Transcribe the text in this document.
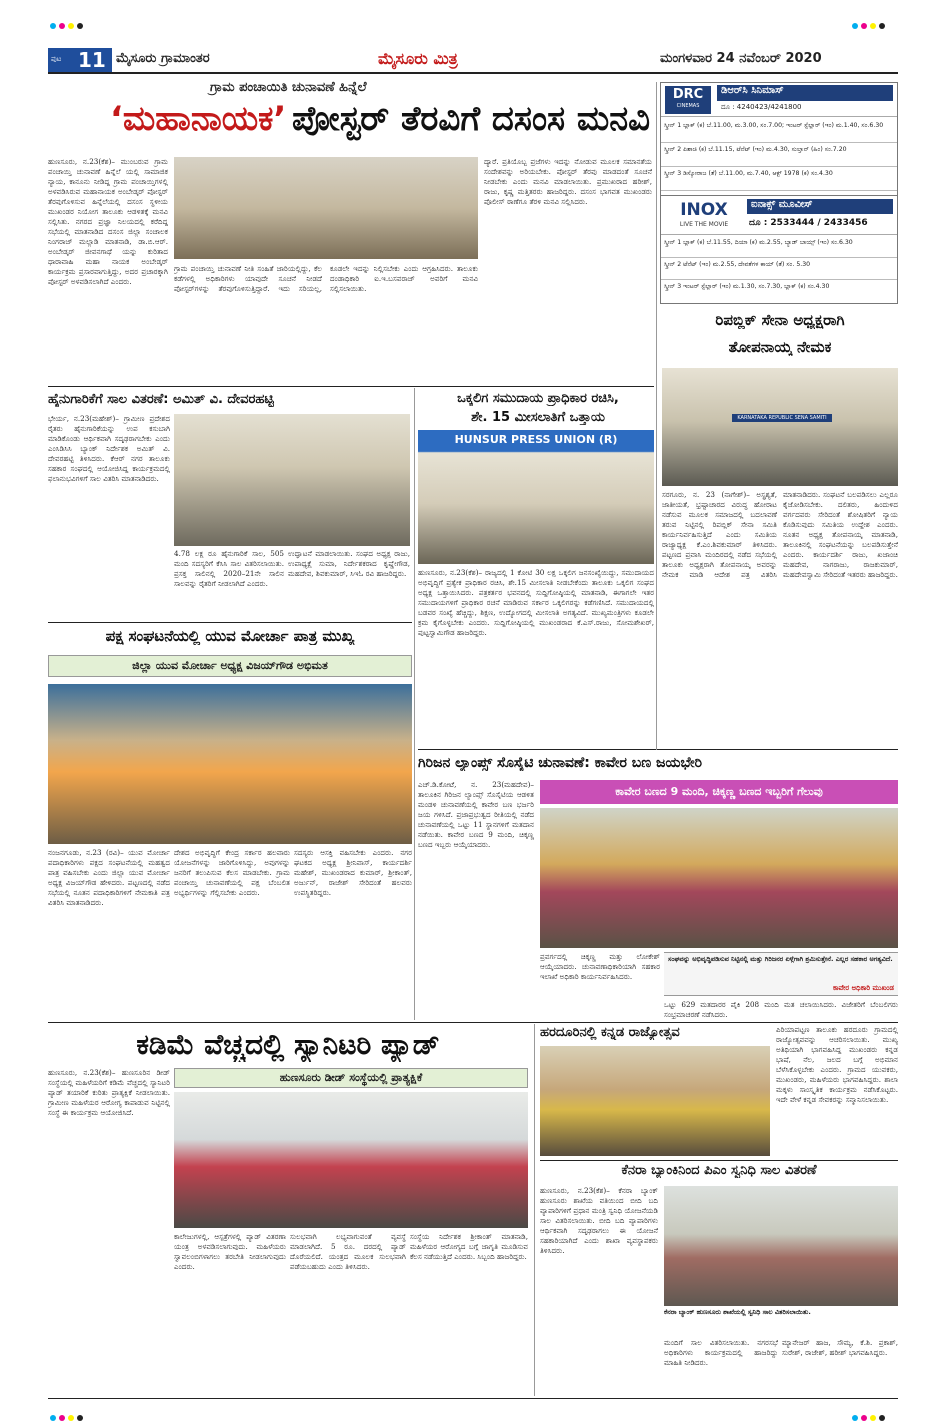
ಪುಟ 11 ಮೈಸೂರು ಗ್ರಾಮಾಂತರ	ಮೈಸೂರು ಮಿತ್ರ	ಮಂಗಳವಾರ 24 ನವೆಂಬರ್ 2020
ಗ್ರಾಮ ಪಂಚಾಯಿತಿ ಚುನಾವಣೆ ಹಿನ್ನೆಲೆ
‘ಮಹಾನಾಯಕ’ ಪೋಸ್ಟರ್ ತೆರವಿಗೆ ದಸಂಸ ಮನವಿ
ಹುಣಸೂರು, ನ.23(ಕೆಶ)– ಮುಂಬರುವ ಗ್ರಾಮ ಪಂಚಾಯ್ತಿ ಚುನಾವಣೆ ಹಿನ್ನೆಲೆ ಯಲ್ಲಿ ಸಾಮಾಜಿಕ ನ್ಯಾಯ, ಕಾನೂನು ನೀಡಿದ್ದ ಗ್ರಾಮ ಪಂಚಾಯ್ತಿಗಳಲ್ಲಿ ಅಳವಡಿಸಿರುವ ಮಹಾನಾಯಕ ಅಂಬೇಡ್ಕರ್ ಪೋಸ್ಟರ್ ತೆರವುಗೊಳಿಸುವ ಹಿನ್ನೆಲೆಯಲ್ಲಿ ದಸಂಸ ಸ್ಥಳೀಯ ಮುಖಂಡರ ನಿಯೋಗ ತಾಲೂಕು ಆಡಳಿತಕ್ಕೆ ಮನವಿ ಸಲ್ಲಿಸಿತು. ನಗರದ ಪ್ರಜ್ಞಾ ನಿಲಯದಲ್ಲಿ ಕರೆದಿದ್ದ ಸಭೆಯಲ್ಲಿ ಮಾತನಾಡಿದ ದಸಂಸ ಜಿಲ್ಲಾ ಸಂಚಾಲಕ ನಿಂಗರಾಜ್ ಮಲ್ಲಾಡಿ ಮಾತನಾಡಿ, ಡಾ.ಬಿ.ಆರ್. ಅಂಬೇಡ್ಕರ್ ಜೀವನಗಾಥೆ ಯನ್ನು ಕುರಿತಾದ ಧಾರಾವಾಹಿ ಮಹಾ ನಾಯಕ ಅಂಬೇಡ್ಕರ್ ಕಾರ್ಯಕ್ರಮ ಪ್ರಸಾರವಾಗುತ್ತಿದ್ದು, ಅದರ ಪ್ರಚಾರಕ್ಕಾಗಿ ಪೋಸ್ಟರ್ ಅಳವಡಿಸಲಾಗಿದೆ ಎಂದರು.
ಗ್ರಾಮ ಪಂಚಾಯ್ತಿ ಚುನಾವಣೆ ನೀತಿ ಸಂಹಿತೆ ಜಾರಿಯಲ್ಲಿದ್ದು, ಕೆಲ ಕಡೆಗಳಲ್ಲಿ ಅಧಿಕಾರಿಗಳು ಯಾವುದೇ ಸೂಚನೆ ನೀಡದೆ ಪೋಸ್ಟರ್‌ಗಳನ್ನು ತೆರವುಗೊಳಿಸುತ್ತಿದ್ದಾರೆ. ಇದು ಸರಿಯಲ್ಲ, ಕೂಡಲೇ ಇದನ್ನು ನಿಲ್ಲಿಸಬೇಕು ಎಂದು ಆಗ್ರಹಿಸಿದರು. ತಾಲೂಕು ದಂಡಾಧಿಕಾರಿ ಐ.ಇ.ಬಸವರಾಜ್ ಅವರಿಗೆ ಮನವಿ ಸಲ್ಲಿಸಲಾಯಿತು.
ದ್ಯಾರೆ. ಪ್ರತಿಯೊಬ್ಬ ಪ್ರಜೆಗಳು ಇದನ್ನು ನೋಡುವ ಮೂಲಕ ಸಮಾನತೆಯ ಸಂದೇಶವನ್ನು ಅರಿಯಬೇಕು. ಪೋಸ್ಟರ್ ತೆರವು ಮಾಡದಂತೆ ಸೂಚನೆ ನೀಡಬೇಕು ಎಂದು ಮನವಿ ಮಾಡಲಾಯಿತು. ಪ್ರಮುಖರಾದ ಹರೀಶ್, ರಾಜು, ಕೃಷ್ಣ ಮತ್ತಿತರರು ಹಾಜರಿದ್ದರು. ದಸಂಸ ಭಾಗವತ ಮುಖಂಡರು ಪೊಲೀಸ್ ಠಾಣೆಗೂ ತೆರಳಿ ಮನವಿ ಸಲ್ಲಿಸಿದರು.
DRC
CINEMAS
ಡಿಆರ್‌ಸಿ ಸಿನಿಮಾಸ್
ದೂ : 4240423/4241800
ಸ್ಕ್ರೀನ್ 1 ಬ್ಲಾಕ್ (ಕ) ಬೆ.11.00, ಮ.3.00, ಸಂ.7.00; ಇಂಟರ್ ಸ್ಟೆಲ್ಲಾರ್ (ಇಂ) ಮ.1.40, ಸಂ.6.30
ಸ್ಕ್ರೀನ್ 2 ಪಿಶಾಚಿ (ಕ) ಬೆ.11.15, ಟೆನೆಟ್ (ಇಂ) ಮ.4.30, ಸುಲ್ತಾನ್ (ಹಿಂ) ಸಂ.7.20
ಸ್ಕ್ರೀನ್ 3 ಡಿಸ್ಕೋರಾಜ (ತೆ) ಬೆ.11.00, ಮ.7.40, ಆಕ್ಟ್ 1978 (ಕ) ಸಂ.4.30
INOX
LIVE THE MOVIE
ಐನಾಕ್ಸ್ ಮೂವೀಸ್
ದೂ : 2533444 / 2433456
ಸ್ಕ್ರೀನ್ 1 ಬ್ಲಾಕ್ (ಕ) ಬೆ.11.55, ದಿಯಾ (ಕ) ಮ.2.55, ಬ್ಯಾಡ್ ಬಾಯ್ಸ್ (ಇಂ) ಸಂ.6.30
ಸ್ಕ್ರೀನ್ 2 ಟೆನೆಟ್ (ಇಂ) ಮ.2.55, ದೇವತೆಗಳ ಕಾಯ್ (ತೆ) ಸಂ. 5.30
ಸ್ಕ್ರೀನ್ 3 ಇಂಟರ್ ಸ್ಟೆಲ್ಲಾರ್ (ಇಂ) ಮ.1.30, ಸಂ.7.30, ಬ್ಲಾಕ್ (ಕ) ಸಂ.4.30
ರಿಪಬ್ಲಿಕ್ ಸೇನಾ ಅಧ್ಯಕ್ಷರಾಗಿ
ತೋಪನಾಯ್ಕ ನೇಮಕ
KARNATAKA REPUBLIC SENA SAMITI
ಸರಗೂರು, ನ. 23 (ನಾಗೇಶ್)– ಅಸ್ಪ್ರಶ್ಯತೆ, ಜಾತೀಯತೆ, ಭ್ರಷ್ಟಾಚಾರದ ವಿರುದ್ಧ ಹೋರಾಟ ನಡೆಸುವ ಮೂಲಕ ಸಮಾಜದಲ್ಲಿ ಬದಲಾವಣೆ ತರುವ ನಿಟ್ಟಿನಲ್ಲಿ ರಿಪಬ್ಲಿಕ್ ಸೇನಾ ಸಮಿತಿ ಕಾರ್ಯನಿರ್ವಹಿಸುತ್ತಿದೆ ಎಂದು ಸಮಿತಿಯ ರಾಜ್ಯಾಧ್ಯಕ್ಷ ಕೆ.ಎಂ.ಶಿವಕುಮಾರ್ ತಿಳಿಸಿದರು. ಪಟ್ಟಣದ ಪ್ರವಾಸಿ ಮಂದಿರದಲ್ಲಿ ನಡೆದ ಸಭೆಯಲ್ಲಿ ತಾಲೂಕು ಅಧ್ಯಕ್ಷರಾಗಿ ತೋಪನಾಯ್ಕ ಅವರನ್ನು ನೇಮಕ ಮಾಡಿ ಆದೇಶ ಪತ್ರ ವಿತರಿಸಿ ಮಾತನಾಡಿದರು. ಸಂಘಟನೆ ಬಲಪಡಿಸಲು ಎಲ್ಲರೂ ಕೈಜೋಡಿಸಬೇಕು. ದಲಿತರು, ಹಿಂದುಳಿದ ವರ್ಗದವರು ಸೇರಿದಂತೆ ಶೋಷಿತರಿಗೆ ನ್ಯಾಯ ಕೊಡಿಸುವುದು ಸಮಿತಿಯ ಉದ್ದೇಶ ಎಂದರು. ನೂತನ ಅಧ್ಯಕ್ಷ ತೋಪನಾಯ್ಕ ಮಾತನಾಡಿ, ತಾಲೂಕಿನಲ್ಲಿ ಸಂಘಟನೆಯನ್ನು ಬಲಪಡಿಸುತ್ತೇನೆ ಎಂದರು. ಕಾರ್ಯದರ್ಶಿ ರಾಜು, ಖಜಾಂಚಿ ಮಹದೇವ, ನಾಗರಾಜು, ರಾಜಕುಮಾರ್, ಮಹದೇವಸ್ವಾಮಿ ಸೇರಿದಂತೆ ಇತರರು ಹಾಜರಿದ್ದರು.
ಹೈನುಗಾರಿಕೆಗೆ ಸಾಲ ವಿತರಣೆ: ಅಮಿತ್ ವಿ. ದೇವರಹಟ್ಟಿ
ಭೇರ್ಯ, ನ.23(ಮಹೇಶ್)– ಗ್ರಾಮೀಣ ಪ್ರದೇಶದ ರೈತರು ಹೈನುಗಾರಿಕೆಯನ್ನು ಉಪ ಕಸುಬಾಗಿ ಮಾಡಿಕೊಂಡು ಆರ್ಥಿಕವಾಗಿ ಸದೃಢರಾಗಬೇಕು ಎಂದು ಎಂಸಿಡಿಸಿಸಿ ಬ್ಯಾಂಕ್ ನಿರ್ದೇಶಕ ಅಮಿತ್ ವಿ. ದೇವರಹಟ್ಟಿ ತಿಳಿಸಿದರು. ಕೆಆರ್ ನಗರ ತಾಲೂಕು ಸಹಕಾರ ಸಂಘದಲ್ಲಿ ಆಯೋಜಿಸಿದ್ದ ಕಾರ್ಯಕ್ರಮದಲ್ಲಿ ಫಲಾನುಭವಿಗಳಿಗೆ ಸಾಲ ವಿತರಿಸಿ ಮಾತನಾಡಿದರು.
4.78 ಲಕ್ಷ ರೂ ಹೈನುಗಾರಿಕೆ ಸಾಲ, 505 ಮಂದಿ ಸದಸ್ಯರಿಗೆ ಕೆಸಿಸಿ ಸಾಲ ವಿತರಿಸಲಾಯಿತು. ಪ್ರಸಕ್ತ ಸಾಲಿನಲ್ಲಿ 2020–21ನೇ ಸಾಲಿನ ಸಾಲವನ್ನು ರೈತರಿಗೆ ನೀಡಲಾಗಿದೆ ಎಂದರು.
ಉದ್ಘಾಟನೆ ಮಾಡಲಾಯಿತು. ಸಂಘದ ಅಧ್ಯಕ್ಷ ರಾಜು, ಉಪಾಧ್ಯಕ್ಷೆ ಸುಮಾ, ನಿರ್ದೇಶಕರಾದ ಕೃಷ್ಣೇಗೌಡ, ಮಹದೇವ, ಶಿವಕುಮಾರ್, ಸಿಇಓ ರವಿ ಹಾಜರಿದ್ದರು.
ಒಕ್ಕಲಿಗ ಸಮುದಾಯ ಪ್ರಾಧಿಕಾರ ರಚಿಸಿ,
ಶೇ. 15 ಮೀಸಲಾತಿಗೆ ಒತ್ತಾಯ
HUNSUR PRESS UNION (R)
ಹುಣಸೂರು, ನ.23(ಕೆಶ)– ರಾಜ್ಯದಲ್ಲಿ 1 ಕೋಟಿ 30 ಲಕ್ಷ ಒಕ್ಕಲಿಗ ಜನಸಂಖ್ಯೆಯಿದ್ದು, ಸಮುದಾಯದ ಅಭಿವೃದ್ಧಿಗೆ ಪ್ರತ್ಯೇಕ ಪ್ರಾಧಿಕಾರ ರಚಿಸಿ, ಶೇ.15 ಮೀಸಲಾತಿ ನೀಡಬೇಕೆಂದು ತಾಲೂಕು ಒಕ್ಕಲಿಗ ಸಂಘದ ಅಧ್ಯಕ್ಷ ಒತ್ತಾಯಿಸಿದರು. ಪತ್ರಕರ್ತರ ಭವನದಲ್ಲಿ ಸುದ್ದಿಗೋಷ್ಠಿಯಲ್ಲಿ ಮಾತನಾಡಿ, ಈಗಾಗಲೇ ಇತರ ಸಮುದಾಯಗಳಿಗೆ ಪ್ರಾಧಿಕಾರ ರಚನೆ ಮಾಡಿರುವ ಸರ್ಕಾರ ಒಕ್ಕಲಿಗರನ್ನು ಕಡೆಗಣಿಸಿದೆ. ಸಮುದಾಯದಲ್ಲಿ ಬಡವರ ಸಂಖ್ಯೆ ಹೆಚ್ಚಿದ್ದು, ಶಿಕ್ಷಣ, ಉದ್ಯೋಗದಲ್ಲಿ ಮೀಸಲಾತಿ ಅಗತ್ಯವಿದೆ. ಮುಖ್ಯಮಂತ್ರಿಗಳು ಕೂಡಲೇ ಕ್ರಮ ಕೈಗೊಳ್ಳಬೇಕು ಎಂದರು. ಸುದ್ದಿಗೋಷ್ಠಿಯಲ್ಲಿ ಮುಖಂಡರಾದ ಕೆ.ಎಸ್.ರಾಜು, ಸೋಮಶೇಖರ್, ಪುಟ್ಟಸ್ವಾಮಿಗೌಡ ಹಾಜರಿದ್ದರು.
ಪಕ್ಷ ಸಂಘಟನೆಯಲ್ಲಿ ಯುವ ಮೋರ್ಚಾ ಪಾತ್ರ ಮುಖ್ಯ
ಜಿಲ್ಲಾ ಯುವ ಮೋರ್ಚಾ ಅಧ್ಯಕ್ಷ ವಿಜಯ್‌ಗೌಡ ಅಭಿಮತ
ನಂಜನಗೂಡು, ನ.23 (ರವಿ)– ಯುವ ಮೋರ್ಚಾ ಪದಾಧಿಕಾರಿಗಳು ಪಕ್ಷದ ಸಂಘಟನೆಯಲ್ಲಿ ಮಹತ್ವದ ಪಾತ್ರ ವಹಿಸಬೇಕು ಎಂದು ಜಿಲ್ಲಾ ಯುವ ಮೋರ್ಚಾ ಅಧ್ಯಕ್ಷ ವಿಜಯ್‌ಗೌಡ ಹೇಳಿದರು. ಪಟ್ಟಣದಲ್ಲಿ ನಡೆದ ಸಭೆಯಲ್ಲಿ ನೂತನ ಪದಾಧಿಕಾರಿಗಳಿಗೆ ನೇಮಕಾತಿ ಪತ್ರ ವಿತರಿಸಿ ಮಾತನಾಡಿದರು.
ದೇಶದ ಅಭಿವೃದ್ಧಿಗೆ ಕೇಂದ್ರ ಸರ್ಕಾರ ಹಲವಾರು ಯೋಜನೆಗಳನ್ನು ಜಾರಿಗೊಳಿಸಿದ್ದು, ಅವುಗಳನ್ನು ಜನರಿಗೆ ತಲುಪಿಸುವ ಕೆಲಸ ಮಾಡಬೇಕು. ಗ್ರಾಮ ಪಂಚಾಯ್ತಿ ಚುನಾವಣೆಯಲ್ಲಿ ಪಕ್ಷ ಬೆಂಬಲಿತ ಅಭ್ಯರ್ಥಿಗಳನ್ನು ಗೆಲ್ಲಿಸಬೇಕು ಎಂದರು.
ಸದಸ್ಯರು ಆಸಕ್ತಿ ವಹಿಸಬೇಕು ಎಂದರು. ನಗರ ಘಟಕದ ಅಧ್ಯಕ್ಷ ಶ್ರೀನಿವಾಸ್, ಕಾರ್ಯದರ್ಶಿ ಮಹೇಶ್, ಮುಖಂಡರಾದ ಕುಮಾರ್, ಶ್ರೀಕಾಂತ್, ಅರ್ಜುನ್, ರಾಜೇಶ್ ಸೇರಿದಂತೆ ಹಲವರು ಉಪಸ್ಥಿತರಿದ್ದರು.
ಗಿರಿಜನ ಲ್ಯಾಂಪ್ಸ್ ಸೊಸೈಟಿ ಚುನಾವಣೆ: ಕಾವೇರ ಬಣ ಜಯಭೇರಿ
ಎಚ್.ಡಿ.ಕೋಟೆ, ನ. 23(ಮಹದೇವ)– ತಾಲೂಕಿನ ಗಿರಿಜನ ಲ್ಯಾಂಪ್ಸ್ ಸೊಸೈಟಿಯ ಆಡಳಿತ ಮಂಡಳಿ ಚುನಾವಣೆಯಲ್ಲಿ ಕಾವೇರ ಬಣ ಭರ್ಜರಿ ಜಯ ಗಳಿಸಿದೆ. ಪ್ರಜಾಪ್ರಭುತ್ವದ ರೀತಿಯಲ್ಲಿ ನಡೆದ ಚುನಾವಣೆಯಲ್ಲಿ ಒಟ್ಟು 11 ಸ್ಥಾನಗಳಿಗೆ ಮತದಾನ ನಡೆಯಿತು. ಕಾವೇರ ಬಣದ 9 ಮಂದಿ, ಚಿಕ್ಕಣ್ಣ ಬಣದ ಇಬ್ಬರು ಆಯ್ಕೆಯಾದರು.
ಕಾವೇರ ಬಣದ 9 ಮಂದಿ, ಚಿಕ್ಕಣ್ಣ ಬಣದ ಇಬ್ಬರಿಗೆ ಗೆಲುವು
ಪ್ರವರ್ಗದಲ್ಲಿ ಚಿಕ್ಕಣ್ಣ ಮತ್ತು ಲೋಕೇಶ್ ಆಯ್ಕೆಯಾದರು. ಚುನಾವಣಾಧಿಕಾರಿಯಾಗಿ ಸಹಕಾರ ಇಲಾಖೆ ಅಧಿಕಾರಿ ಕಾರ್ಯನಿರ್ವಹಿಸಿದರು.
ಸಂಘವನ್ನು ಅಭಿವೃದ್ಧಿಪಡಿಸುವ ನಿಟ್ಟಿನಲ್ಲಿ ಮತ್ತು ಗಿರಿಜನರ ಏಳ್ಗೆಗಾಗಿ ಶ್ರಮಿಸುತ್ತೇನೆ. ಎಲ್ಲರ ಸಹಕಾರ ಅಗತ್ಯವಿದೆ.
ಕಾವೇರ ಅಧಿಕಾರಿ ಮುಖಂಡ
ಒಟ್ಟು 629 ಮತದಾರರ ಪೈಕಿ 208 ಮಂದಿ ಮತ ಚಲಾಯಿಸಿದರು. ವಿಜೇತರಿಗೆ ಬೆಂಬಲಿಗರು ಸಂಭ್ರಮಾಚರಣೆ ನಡೆಸಿದರು.
ಕಡಿಮೆ ವೆಚ್ಚದಲ್ಲಿ ಸ್ಯಾನಿಟರಿ ಪ್ಯಾಡ್
ಹುಣಸೂರು, ನ.23(ಕೆಶ)– ಹುಣಸೂರಿನ ಡೀಡ್ ಸಂಸ್ಥೆಯಲ್ಲಿ ಮಹಿಳೆಯರಿಗೆ ಕಡಿಮೆ ವೆಚ್ಚದಲ್ಲಿ ಸ್ಯಾನಿಟರಿ ಪ್ಯಾಡ್ ತಯಾರಿಕೆ ಕುರಿತು ಪ್ರಾತ್ಯಕ್ಷಿಕೆ ನೀಡಲಾಯಿತು. ಗ್ರಾಮೀಣ ಮಹಿಳೆಯರ ಆರೋಗ್ಯ ಕಾಪಾಡುವ ನಿಟ್ಟಿನಲ್ಲಿ ಸಂಸ್ಥೆ ಈ ಕಾರ್ಯಕ್ರಮ ಆಯೋಜಿಸಿದೆ.
ಹುಣಸೂರು ಡೀಡ್ ಸಂಸ್ಥೆಯಲ್ಲಿ ಪ್ರಾತ್ಯಕ್ಷಿಕೆ
ಕಾಲೇಜುಗಳಲ್ಲಿ, ಆಸ್ಪತ್ರೆಗಳಲ್ಲಿ ಪ್ಯಾಡ್ ವಿತರಣಾ ಯಂತ್ರ ಅಳವಡಿಸಲಾಗುವುದು. ಮಹಿಳೆಯರು ಸ್ವಾವಲಂಬಿಗಳಾಗಲು ತರಬೇತಿ ನೀಡಲಾಗುವುದು ಎಂದರು.
ಸುಲಭವಾಗಿ ಲಭ್ಯವಾಗುವಂತೆ ವ್ಯವಸ್ಥೆ ಮಾಡಲಾಗಿದೆ. 5 ರೂ. ದರದಲ್ಲಿ ಪ್ಯಾಡ್ ದೊರೆಯಲಿದೆ. ಯಂತ್ರದ ಮೂಲಕ ಸುಲಭವಾಗಿ ಪಡೆಯಬಹುದು ಎಂದು ತಿಳಿಸಿದರು.
ಸಂಸ್ಥೆಯ ನಿರ್ದೇಶಕ ಶ್ರೀಕಾಂತ್ ಮಾತನಾಡಿ, ಮಹಿಳೆಯರ ಆರೋಗ್ಯದ ಬಗ್ಗೆ ಜಾಗೃತಿ ಮೂಡಿಸುವ ಕೆಲಸ ನಡೆಯುತ್ತಿದೆ ಎಂದರು. ಸಿಬ್ಬಂದಿ ಹಾಜರಿದ್ದರು.
ಹರದೂರಿನಲ್ಲಿ ಕನ್ನಡ ರಾಜ್ಯೋತ್ಸವ	ಪಿರಿಯಾಪಟ್ಟಣ ತಾಲೂಕು ಹರದೂರು ಗ್ರಾಮದಲ್ಲಿ ರಾಜ್ಯೋತ್ಸವವನ್ನು ಆಚರಿಸಲಾಯಿತು. ಮುಖ್ಯ ಅತಿಥಿಯಾಗಿ ಭಾಗವಹಿಸಿದ್ದ ಮುಖಂಡರು ಕನ್ನಡ ಭಾಷೆ, ನೆಲ, ಜಲದ ಬಗ್ಗೆ ಅಭಿಮಾನ ಬೆಳೆಸಿಕೊಳ್ಳಬೇಕು ಎಂದರು. ಗ್ರಾಮದ ಯುವಕರು, ಮುಖಂಡರು, ಮಹಿಳೆಯರು ಭಾಗವಹಿಸಿದ್ದರು. ಶಾಲಾ ಮಕ್ಕಳು ಸಾಂಸ್ಕೃತಿಕ ಕಾರ್ಯಕ್ರಮ ನಡೆಸಿಕೊಟ್ಟರು. ಇದೇ ವೇಳೆ ಕನ್ನಡ ಸೇವಕರನ್ನು ಸನ್ಮಾನಿಸಲಾಯಿತು.
ಕೆನರಾ ಬ್ಯಾಂಕಿನಿಂದ ಪಿಎಂ ಸ್ವನಿಧಿ ಸಾಲ ವಿತರಣೆ
ಹುಣಸೂರು, ನ.23(ಕೆಶ)– ಕೆನರಾ ಬ್ಯಾಂಕ್ ಹುಣಸೂರು ಶಾಖೆಯ ವತಿಯಿಂದ ಬೀದಿ ಬದಿ ವ್ಯಾಪಾರಿಗಳಿಗೆ ಪ್ರಧಾನ ಮಂತ್ರಿ ಸ್ವನಿಧಿ ಯೋಜನೆಯಡಿ ಸಾಲ ವಿತರಿಸಲಾಯಿತು. ಬೀದಿ ಬದಿ ವ್ಯಾಪಾರಿಗಳು ಆರ್ಥಿಕವಾಗಿ ಸದೃಢರಾಗಲು ಈ ಯೋಜನೆ ಸಹಕಾರಿಯಾಗಿದೆ ಎಂದು ಶಾಖಾ ವ್ಯವಸ್ಥಾಪಕರು ತಿಳಿಸಿದರು.
ಕೆನರಾ ಬ್ಯಾಂಕ್ ಹುಣಸೂರು ಶಾಖೆಯಲ್ಲಿ ಸ್ವನಿಧಿ ಸಾಲ ವಿತರಿಸಲಾಯಿತು.
ಮಂದಿಗೆ ಸಾಲ ವಿತರಿಸಲಾಯಿತು. ನಗರಸಭೆ ಅಧಿಕಾರಿಗಳು ಕಾರ್ಯಕ್ರಮದಲ್ಲಿ ಹಾಜರಿದ್ದು ಮಾಹಿತಿ ನೀಡಿದರು.
ಮ್ಯಾನೇಜರ್ ಹಾಜ, ಸೌಮ್ಯ, ಕೆ.ಶಿ. ಪ್ರಕಾಶ್, ಸುರೇಶ್, ರಾಜೇಶ್, ಹರೀಶ್ ಭಾಗವಹಿಸಿದ್ದರು.
